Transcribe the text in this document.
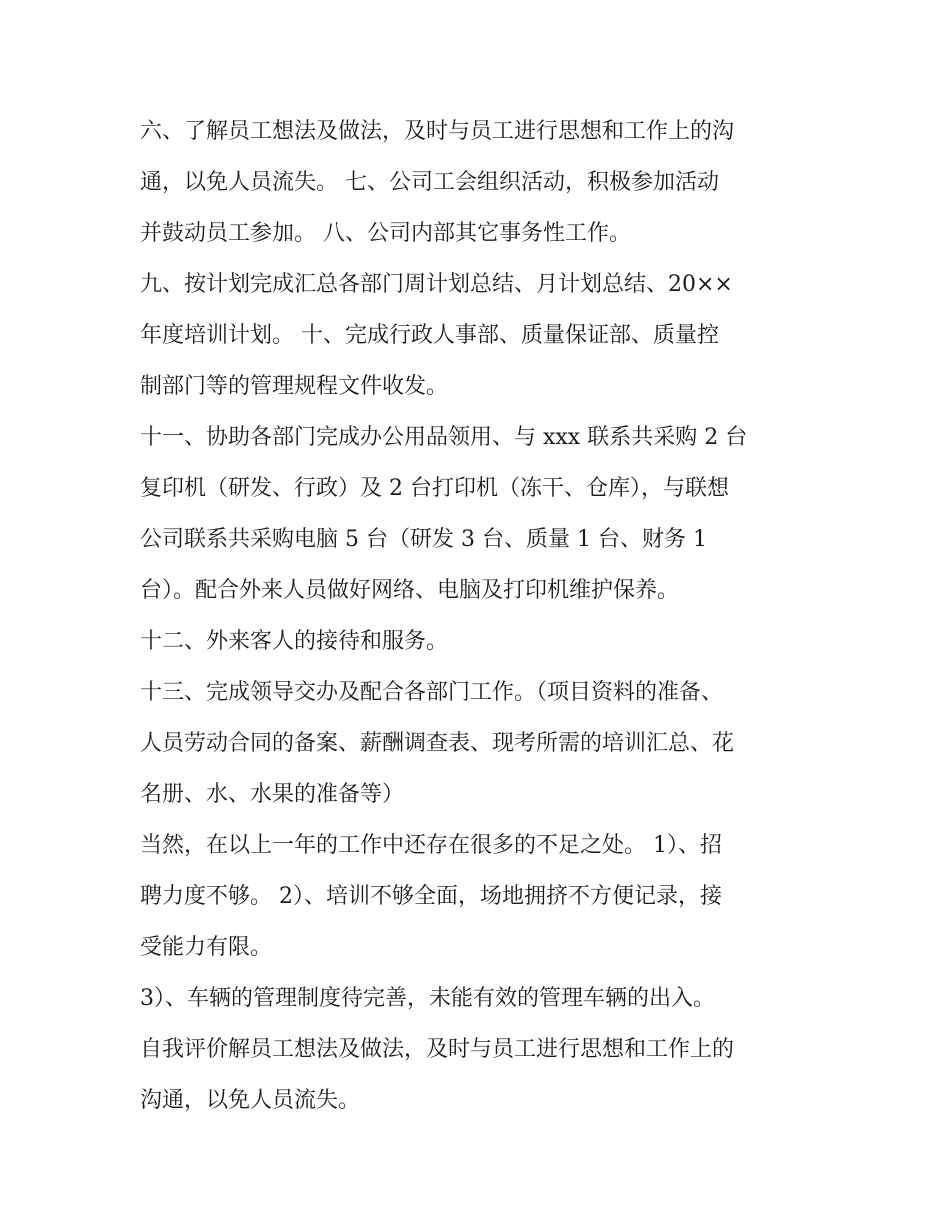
六、了解员工想法及做法，及时与员工进行思想和工作上的沟
通，以免人员流失。 七、公司工会组织活动，积极参加活动
并鼓动员工参加。 八、公司内部其它事务性工作。
九、按计划完成汇总各部门周计划总结、月计划总结、20××
年度培训计划。 十、完成行政人事部、质量保证部、质量控
制部门等的管理规程文件收发。
十一、协助各部门完成办公用品领用、与 xxx 联系共采购 2 台
复印机（研发、行政）及 2 台打印机（冻干、仓库），与联想
公司联系共采购电脑 5 台（研发 3 台、质量 1 台、财务 1
台）。配合外来人员做好网络、电脑及打印机维护保养。
十二、外来客人的接待和服务。
十三、完成领导交办及配合各部门工作。（项目资料的准备、
人员劳动合同的备案、薪酬调查表、现考所需的培训汇总、花
名册、水、水果的准备等）
当然，在以上一年的工作中还存在很多的不足之处。 1）、招
聘力度不够。 2）、培训不够全面，场地拥挤不方便记录，接
受能力有限。
3）、车辆的管理制度待完善，未能有效的管理车辆的出入。
自我评价解员工想法及做法，及时与员工进行思想和工作上的
沟通，以免人员流失。
